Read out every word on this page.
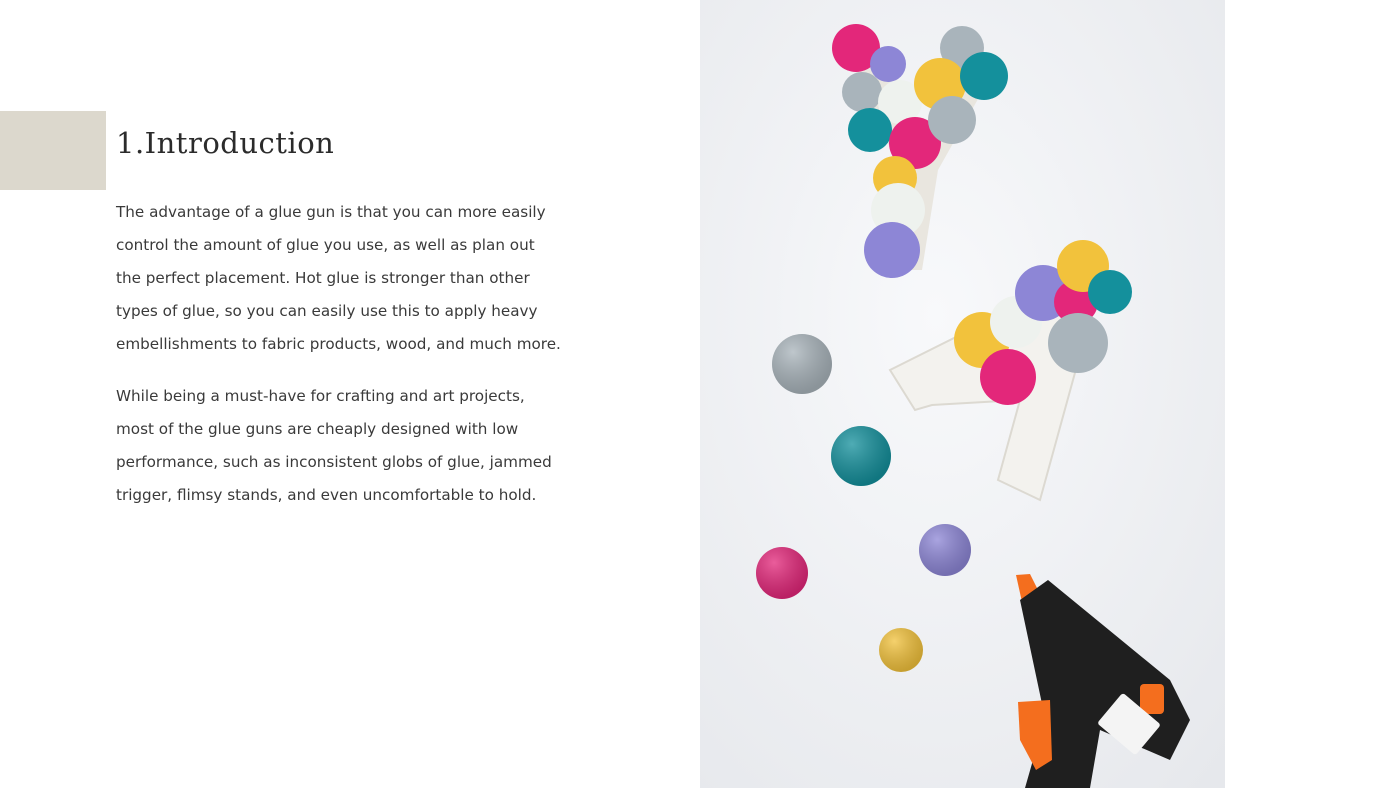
1.Introduction

The advantage of a glue gun is that you can more easily control the amount of glue you use, as well as plan out the perfect placement. Hot glue is stronger than other types of glue, so you can easily use this to apply heavy embellishments to fabric products, wood, and much more.

While being a must-have for crafting and art projects, most of the glue guns are cheaply designed with low performance, such as inconsistent globs of glue, jammed trigger, flimsy stands, and even uncomfortable to hold.
